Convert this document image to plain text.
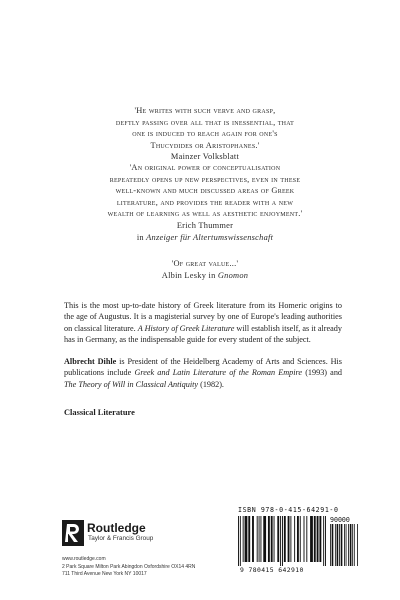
'He writes with such verve and grasp,
deftly passing over all that is inessential, that
one is induced to reach again for one's
Thucydides or Aristophanes.'
Mainzer Volksblatt
'An original power of conceptualisation
repeatedly opens up new perspectives, even in these
well-known and much discussed areas of Greek
literature, and provides the reader with a new
wealth of learning as well as aesthetic enjoyment.'
Erich Thummer
in Anzeiger für Altertumswissenschaft
'Of great value...'
Albin Lesky in Gnomon

This is the most up-to-date history of Greek literature from its Homeric origins to the age of Augustus. It is a magisterial survey by one of Europe's leading authorities on classical literature. A History of Greek Literature will establish itself, as it already has in Germany, as the indispensable guide for every student of the subject.

Albrecht Dihle is President of the Heidelberg Academy of Arts and Sciences. His publications include Greek and Latin Literature of the Roman Empire (1993) and The Theory of Will in Classical Antiquity (1982).

Classical Literature
Routledge
Taylor & Francis Group
www.routledge.com
2 Park Square Milton Park Abingdon Oxfordshire OX14 4RN
711 Third Avenue New York NY 10017
ISBN 978-0-415-64291-0
90000
9 780415 642910
